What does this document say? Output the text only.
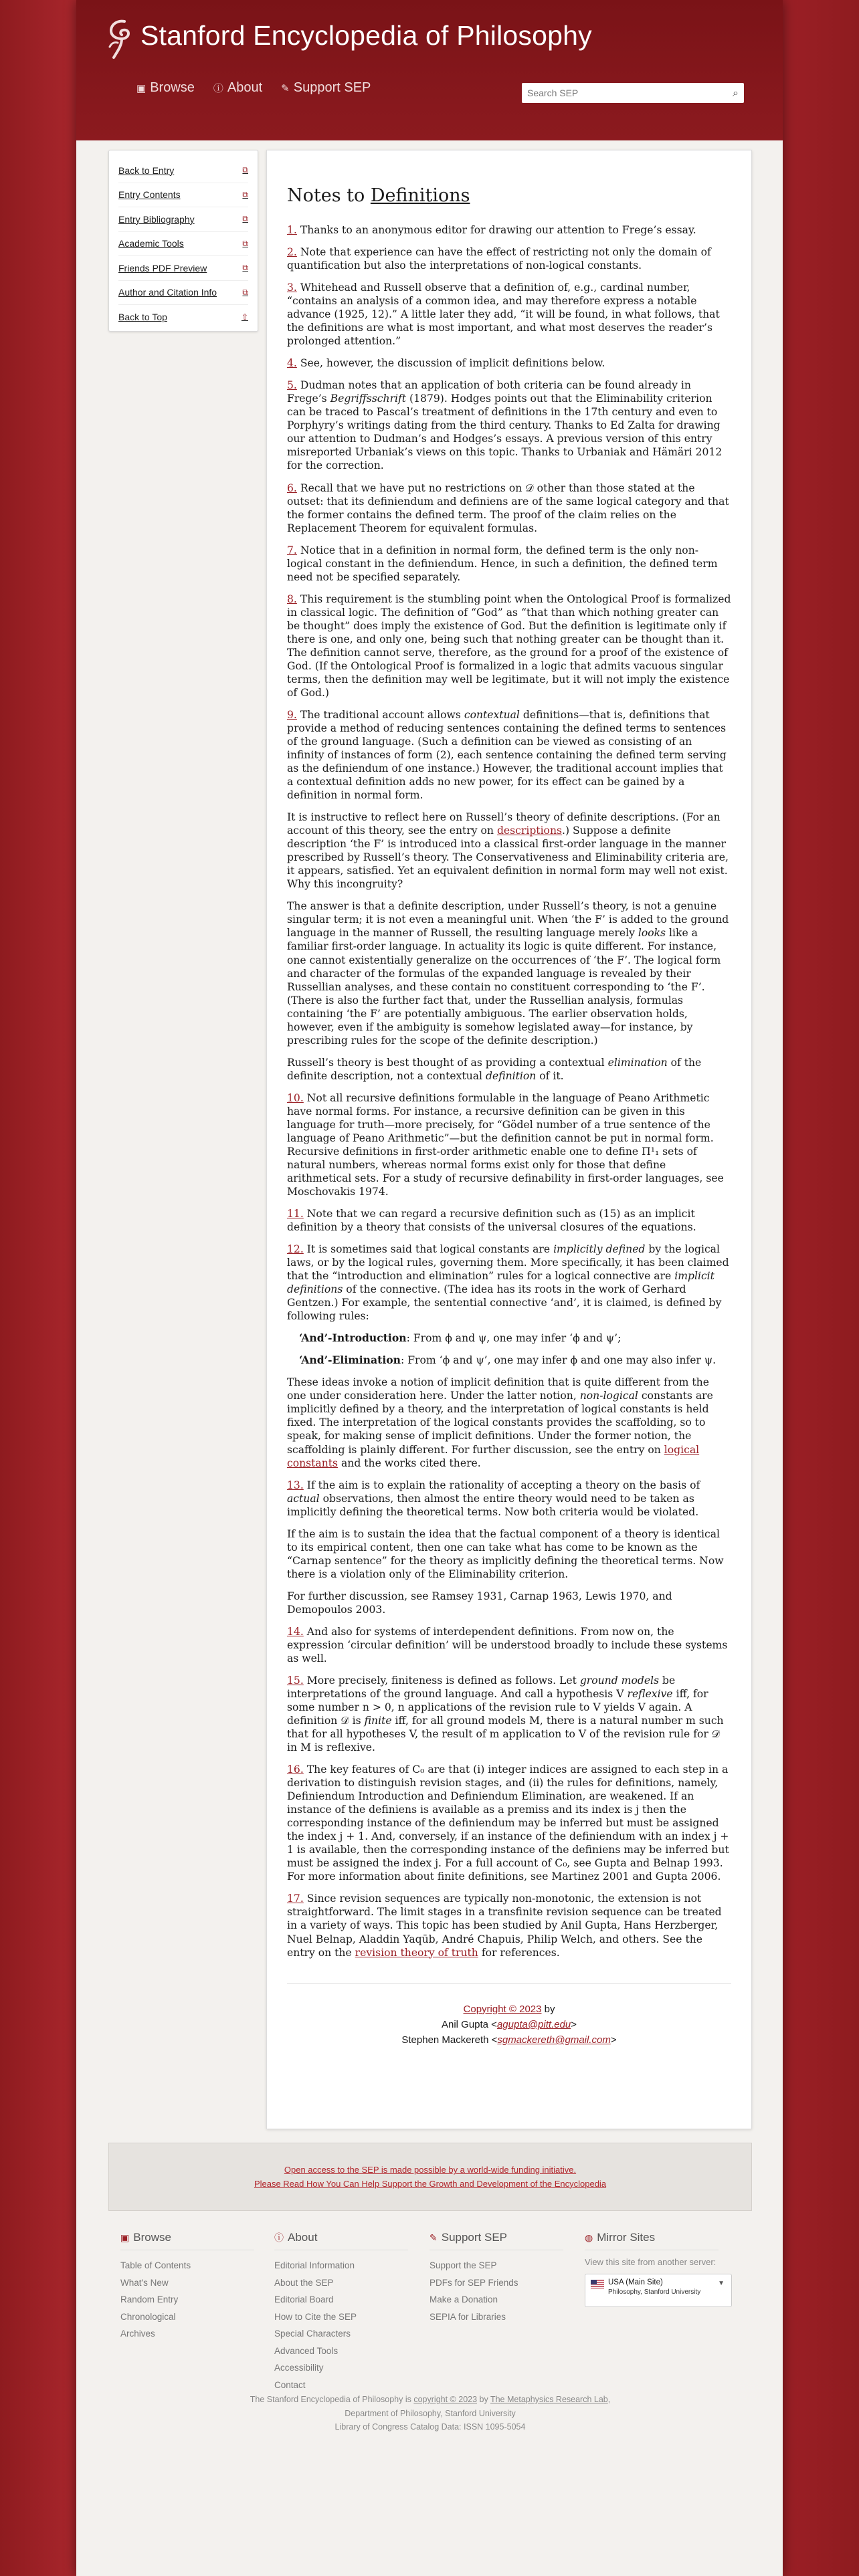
Stanford Encyclopedia of Philosophy
▣ Browse ⓘ About ✎ Support SEP
Search SEP	⌕
Back to Entry	⧉
Entry Contents	⧉
Entry Bibliography	⧉
Academic Tools	⧉
Friends PDF Preview	⧉
Author and Citation Info	⧉
Back to Top	⇧
Notes to Definitions

1. Thanks to an anonymous editor for drawing our attention to Frege’s essay.

2. Note that experience can have the effect of restricting not only the domain of quantification but also the interpretations of non-logical constants.

3. Whitehead and Russell observe that a definition of, e.g., cardinal number, “contains an analysis of a common idea, and may therefore express a notable advance (1925, 12).” A little later they add, “it will be found, in what follows, that the definitions are what is most important, and what most deserves the reader’s prolonged attention.”

4. See, however, the discussion of implicit definitions below.

5. Dudman notes that an application of both criteria can be found already in Frege’s Begriffsschrift (1879). Hodges points out that the Eliminability criterion can be traced to Pascal’s treatment of definitions in the 17th century and even to Porphyry’s writings dating from the third century. Thanks to Ed Zalta for drawing our attention to Dudman’s and Hodges’s essays. A previous version of this entry misreported Urbaniak’s views on this topic. Thanks to Urbaniak and Hämäri 2012 for the correction.

6. Recall that we have put no restrictions on 𝒟 other than those stated at the outset: that its definiendum and definiens are of the same logical category and that the former contains the defined term. The proof of the claim relies on the Replacement Theorem for equivalent formulas.

7. Notice that in a definition in normal form, the defined term is the only non-logical constant in the definiendum. Hence, in such a definition, the defined term need not be specified separately.

8. This requirement is the stumbling point when the Ontological Proof is formalized in classical logic. The definition of “God” as “that than which nothing greater can be thought” does imply the existence of God. But the definition is legitimate only if there is one, and only one, being such that nothing greater can be thought than it. The definition cannot serve, therefore, as the ground for a proof of the existence of God. (If the Ontological Proof is formalized in a logic that admits vacuous singular terms, then the definition may well be legitimate, but it will not imply the existence of God.)

9. The traditional account allows contextual definitions—that is, definitions that provide a method of reducing sentences containing the defined terms to sentences of the ground language. (Such a definition can be viewed as consisting of an infinity of instances of form (2), each sentence containing the defined term serving as the definiendum of one instance.) However, the traditional account implies that a contextual definition adds no new power, for its effect can be gained by a definition in normal form.

It is instructive to reflect here on Russell’s theory of definite descriptions. (For an account of this theory, see the entry on descriptions.) Suppose a definite description ‘the F’ is introduced into a classical first-order language in the manner prescribed by Russell’s theory. The Conservativeness and Eliminability criteria are, it appears, satisfied. Yet an equivalent definition in normal form may well not exist. Why this incongruity?

The answer is that a definite description, under Russell’s theory, is not a genuine singular term; it is not even a meaningful unit. When ‘the F’ is added to the ground language in the manner of Russell, the resulting language merely looks like a familiar first-order language. In actuality its logic is quite different. For instance, one cannot existentially generalize on the occurrences of ‘the F’. The logical form and character of the formulas of the expanded language is revealed by their Russellian analyses, and these contain no constituent corresponding to ‘the F’. (There is also the further fact that, under the Russellian analysis, formulas containing ‘the F’ are potentially ambiguous. The earlier observation holds, however, even if the ambiguity is somehow legislated away—for instance, by prescribing rules for the scope of the definite description.)

Russell’s theory is best thought of as providing a contextual elimination of the definite description, not a contextual definition of it.

10. Not all recursive definitions formulable in the language of Peano Arithmetic have normal forms. For instance, a recursive definition can be given in this language for truth—more precisely, for “Gödel number of a true sentence of the language of Peano Arithmetic”—but the definition cannot be put in normal form. Recursive definitions in first-order arithmetic enable one to define Π¹₁ sets of natural numbers, whereas normal forms exist only for those that define arithmetical sets. For a study of recursive definability in first-order languages, see Moschovakis 1974.

11. Note that we can regard a recursive definition such as (15) as an implicit definition by a theory that consists of the universal closures of the equations.

12. It is sometimes said that logical constants are implicitly defined by the logical laws, or by the logical rules, governing them. More specifically, it has been claimed that the “introduction and elimination” rules for a logical connective are implicit definitions of the connective. (The idea has its roots in the work of Gerhard Gentzen.) For example, the sentential connective ‘and’, it is claimed, is defined by following rules:

‘And’-Introduction: From ϕ and ψ, one may infer ‘ϕ and ψ’;

‘And’-Elimination: From ‘ϕ and ψ’, one may infer ϕ and one may also infer ψ.

These ideas invoke a notion of implicit definition that is quite different from the one under consideration here. Under the latter notion, non-logical constants are implicitly defined by a theory, and the interpretation of logical constants is held fixed. The interpretation of the logical constants provides the scaffolding, so to speak, for making sense of implicit definitions. Under the former notion, the scaffolding is plainly different. For further discussion, see the entry on logical constants and the works cited there.

13. If the aim is to explain the rationality of accepting a theory on the basis of actual observations, then almost the entire theory would need to be taken as implicitly defining the theoretical terms. Now both criteria would be violated.

If the aim is to sustain the idea that the factual component of a theory is identical to its empirical content, then one can take what has come to be known as the “Carnap sentence” for the theory as implicitly defining the theoretical terms. Now there is a violation only of the Eliminability criterion.

For further discussion, see Ramsey 1931, Carnap 1963, Lewis 1970, and Demopoulos 2003.

14. And also for systems of interdependent definitions. From now on, the expression ‘circular definition’ will be understood broadly to include these systems as well.

15. More precisely, finiteness is defined as follows. Let ground models be interpretations of the ground language. And call a hypothesis V reflexive iff, for some number n > 0, n applications of the revision rule to V yields V again. A definition 𝒟 is finite iff, for all ground models M, there is a natural number m such that for all hypotheses V, the result of m application to V of the revision rule for 𝒟 in M is reflexive.

16. The key features of C₀ are that (i) integer indices are assigned to each step in a derivation to distinguish revision stages, and (ii) the rules for definitions, namely, Definiendum Introduction and Definiendum Elimination, are weakened. If an instance of the definiens is available as a premiss and its index is j then the corresponding instance of the definiendum may be inferred but must be assigned the index j + 1. And, conversely, if an instance of the definiendum with an index j + 1 is available, then the corresponding instance of the definiens may be inferred but must be assigned the index j. For a full account of C₀, see Gupta and Belnap 1993. For more information about finite definitions, see Martinez 2001 and Gupta 2006.

17. Since revision sequences are typically non-monotonic, the extension is not straightforward. The limit stages in a transfinite revision sequence can be treated in a variety of ways. This topic has been studied by Anil Gupta, Hans Herzberger, Nuel Belnap, Aladdin Yaqūb, André Chapuis, Philip Welch, and others. See the entry on the revision theory of truth for references.

Copyright © 2023 by
Anil Gupta <agupta@pitt.edu>
Stephen Mackereth <sgmackereth@gmail.com>
Open access to the SEP is made possible by a world-wide funding initiative.
Please Read How You Can Help Support the Growth and Development of the Encyclopedia
▣ Browse
Table of Contents
What's New
Random Entry
Chronological
Archives
ⓘ About
Editorial Information
About the SEP
Editorial Board
How to Cite the SEP
Special Characters
Advanced Tools
Accessibility
Contact
✎ Support SEP
Support the SEP
PDFs for SEP Friends
Make a Donation
SEPIA for Libraries
◍ Mirror Sites
View this site from another server:
USA (Main Site)
Philosophy, Stanford University
▼
The Stanford Encyclopedia of Philosophy is copyright © 2023 by The Metaphysics Research Lab,
Department of Philosophy, Stanford University
Library of Congress Catalog Data: ISSN 1095-5054
